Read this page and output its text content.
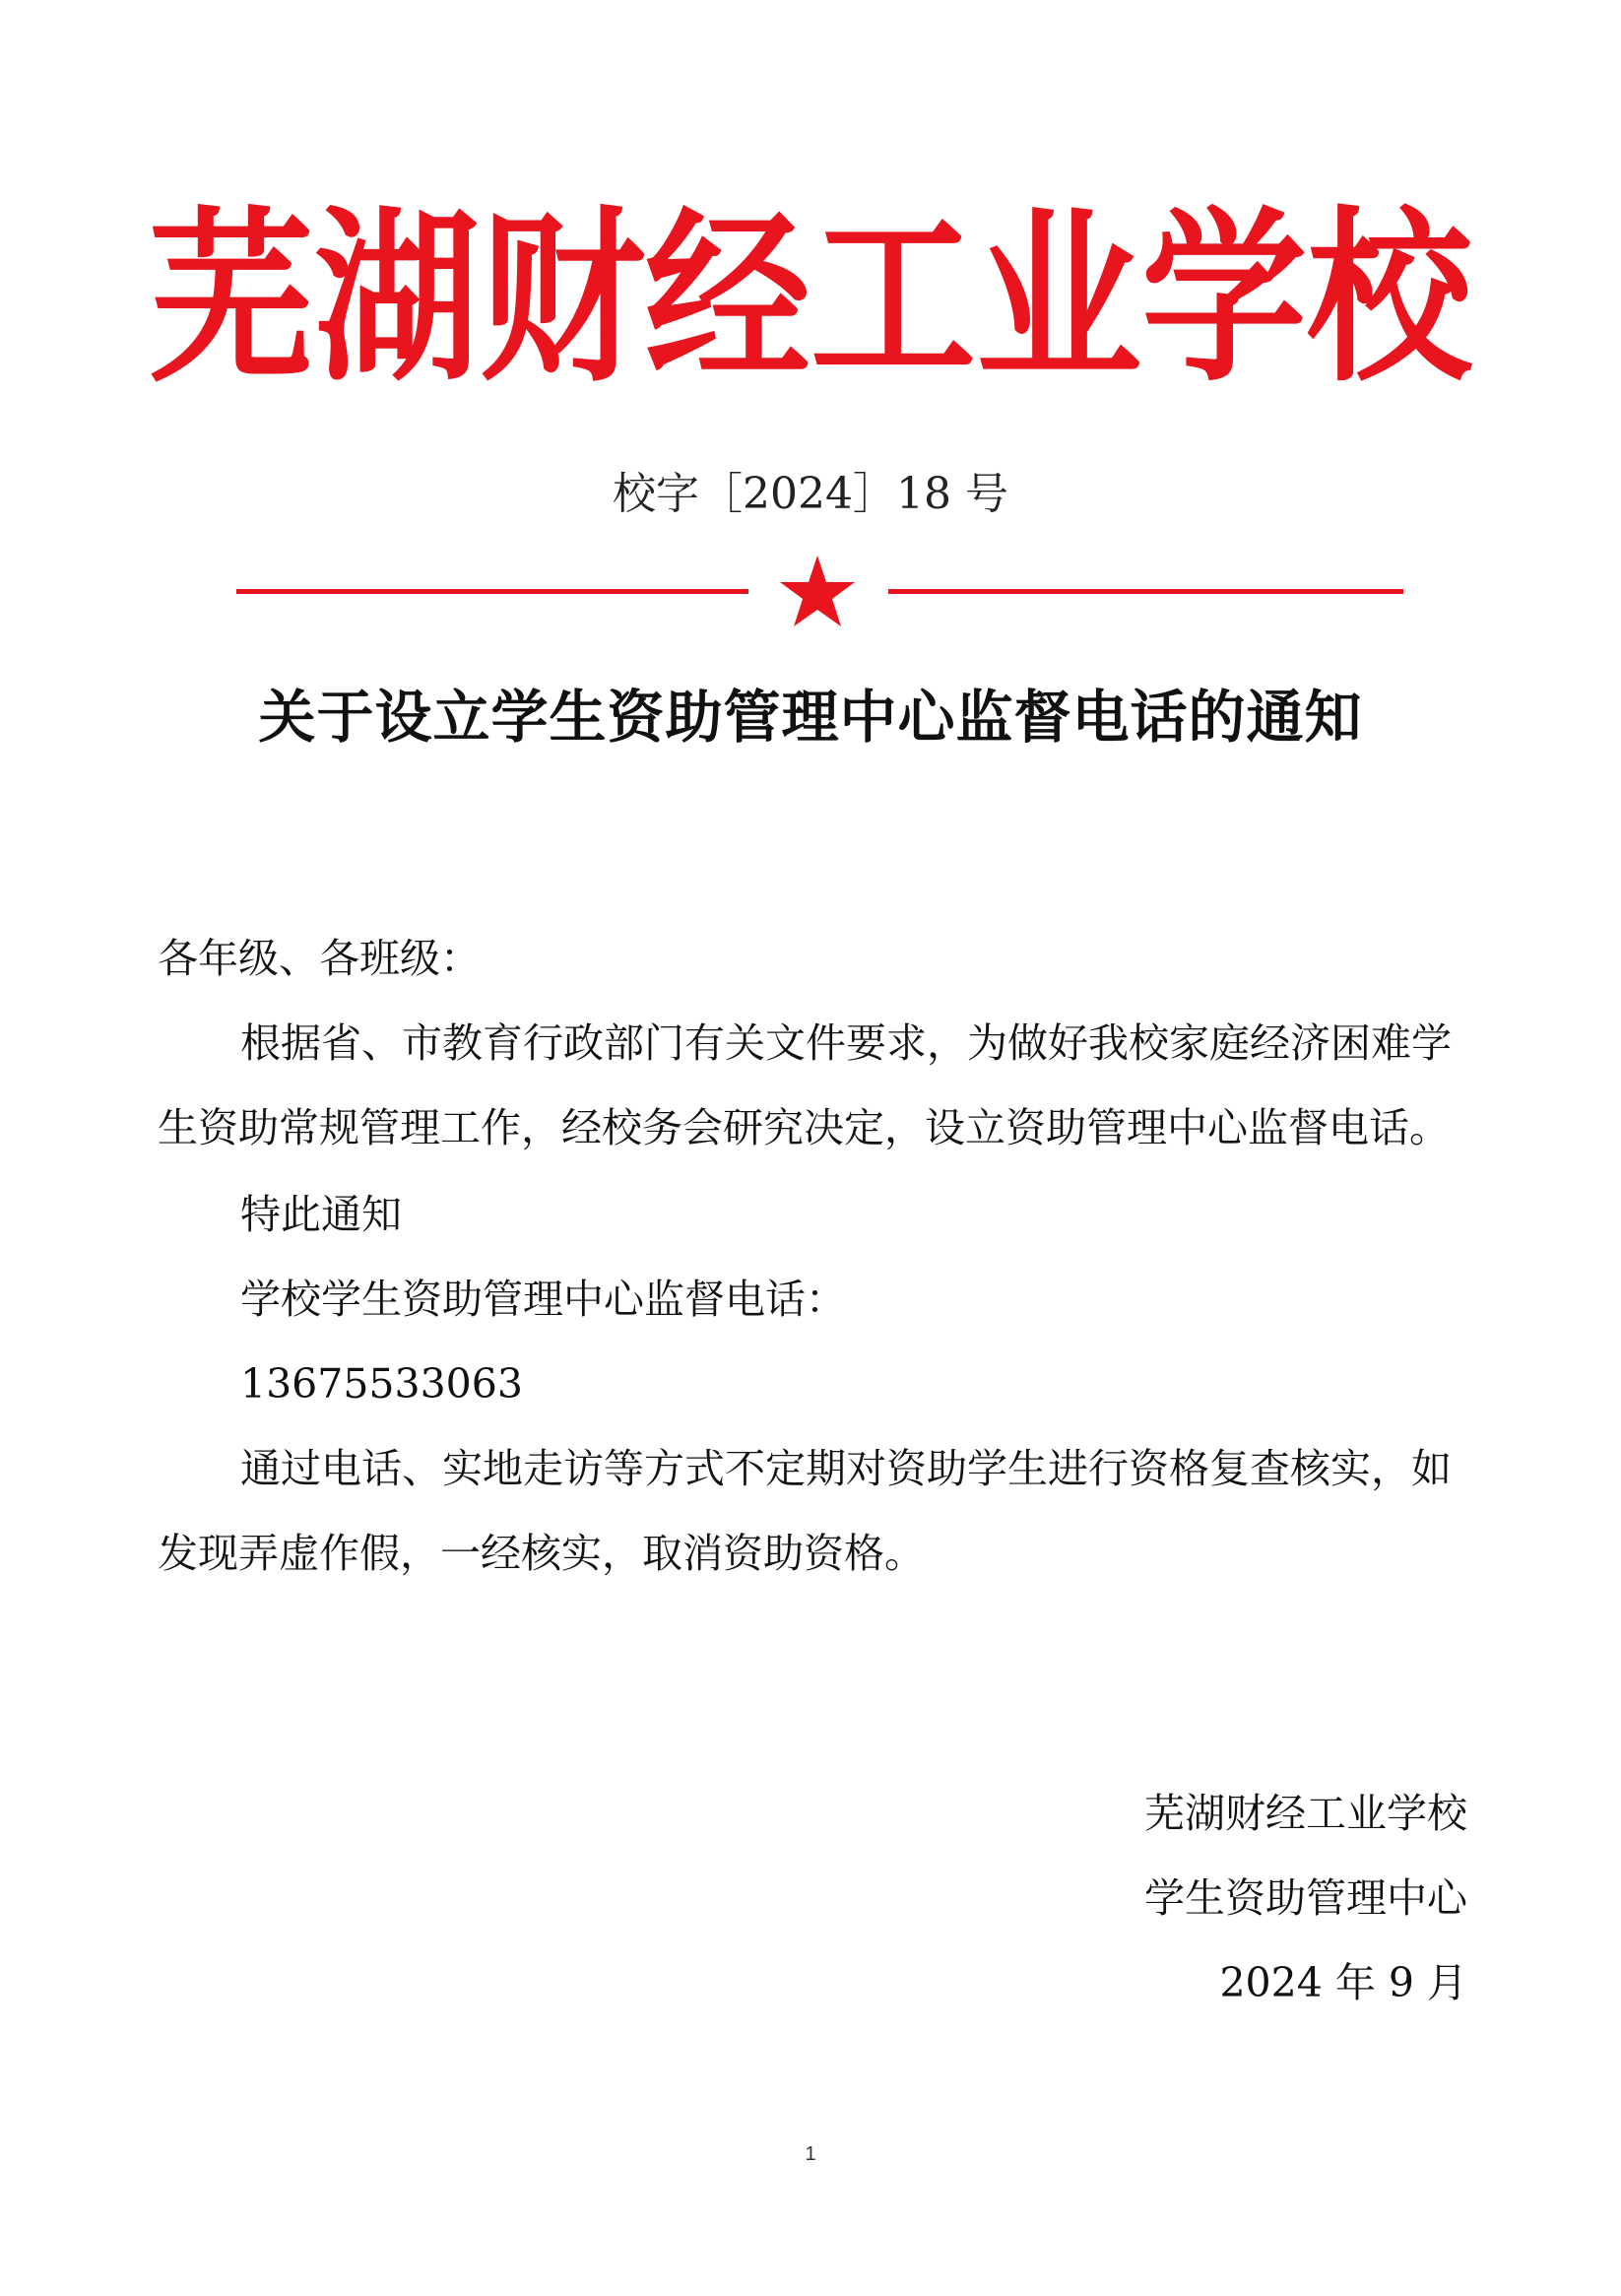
芜湖财经工业学校
校字［2024］18 号
关于设立学生资助管理中心监督电话的通知
各年级、各班级：
根据省、市教育行政部门有关文件要求，为做好我校家庭经济困难学生资助常规管理工作，经校务会研究决定，设立资助管理中心监督电话。
特此通知
学校学生资助管理中心监督电话：
13675533063
通过电话、实地走访等方式不定期对资助学生进行资格复查核实，如发现弄虚作假，一经核实，取消资助资格。
芜湖财经工业学校
学生资助管理中心
2024 年 9 月
1
